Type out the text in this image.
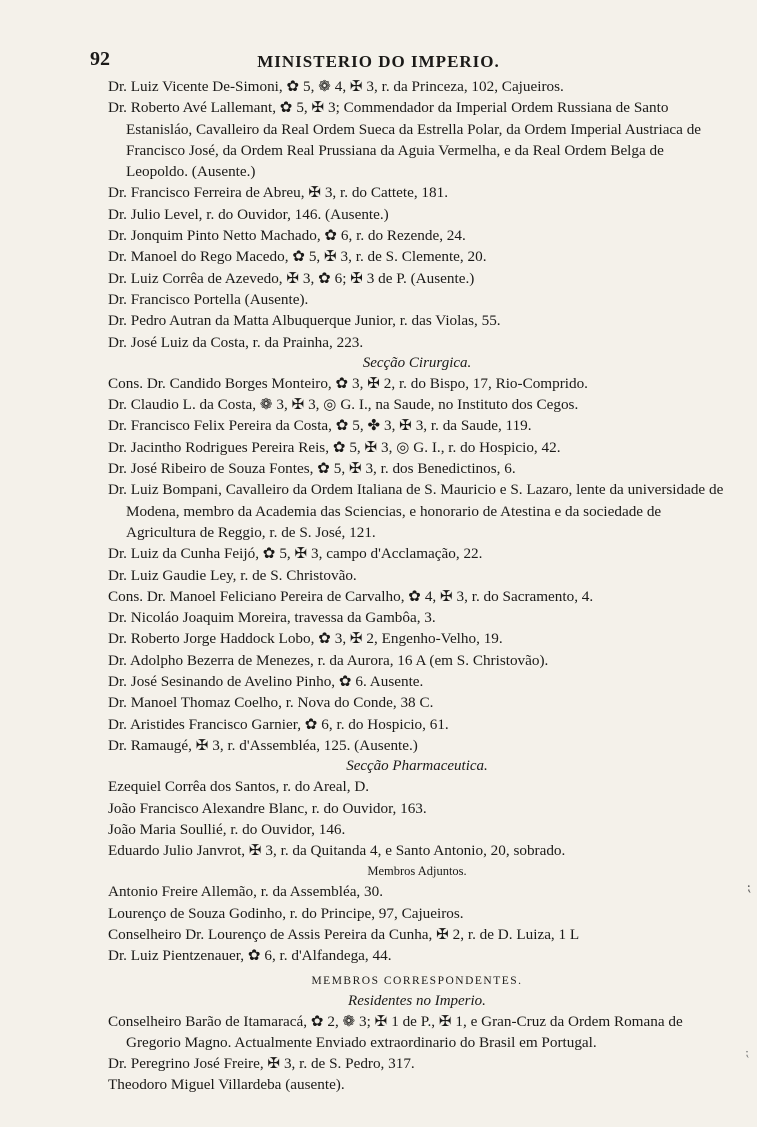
92	MINISTERIO DO IMPERIO.

Dr. Luiz Vicente De-Simoni, ✿ 5, ❁ 4, ✠ 3, r. da Princeza, 102, Cajueiros.

Dr. Roberto Avé Lallemant, ✿ 5, ✠ 3; Commendador da Imperial Ordem Russiana de Santo Estanisláo, Cavalleiro da Real Ordem Sueca da Estrella Polar, da Ordem Imperial Austriaca de Francisco José, da Ordem Real Prussiana da Aguia Vermelha, e da Real Ordem Belga de Leopoldo. (Ausente.)

Dr. Francisco Ferreira de Abreu, ✠ 3, r. do Cattete, 181.

Dr. Julio Level, r. do Ouvidor, 146. (Ausente.)

Dr. Jonquim Pinto Netto Machado, ✿ 6, r. do Rezende, 24.

Dr. Manoel do Rego Macedo, ✿ 5, ✠ 3, r. de S. Clemente, 20.

Dr. Luiz Corrêa de Azevedo, ✠ 3, ✿ 6; ✠ 3 de P. (Ausente.)

Dr. Francisco Portella (Ausente).

Dr. Pedro Autran da Matta Albuquerque Junior, r. das Violas, 55.

Dr. José Luiz da Costa, r. da Prainha, 223.

Secção Cirurgica.

Cons. Dr. Candido Borges Monteiro, ✿ 3, ✠ 2, r. do Bispo, 17, Rio-Comprido.

Dr. Claudio L. da Costa, ❁ 3, ✠ 3, ◎ G. I., na Saude, no Instituto dos Cegos.

Dr. Francisco Felix Pereira da Costa, ✿ 5, ✤ 3, ✠ 3, r. da Saude, 119.

Dr. Jacintho Rodrigues Pereira Reis, ✿ 5, ✠ 3, ◎ G. I., r. do Hospicio, 42.

Dr. José Ribeiro de Souza Fontes, ✿ 5, ✠ 3, r. dos Benedictinos, 6.

Dr. Luiz Bompani, Cavalleiro da Ordem Italiana de S. Mauricio e S. Lazaro, lente da universidade de Modena, membro da Academia das Sciencias, e honorario de Atestina e da sociedade de Agricultura de Reggio, r. de S. José, 121.

Dr. Luiz da Cunha Feijó, ✿ 5, ✠ 3, campo d'Acclamação, 22.

Dr. Luiz Gaudie Ley, r. de S. Christovão.

Cons. Dr. Manoel Feliciano Pereira de Carvalho, ✿ 4, ✠ 3, r. do Sacramento, 4.

Dr. Nicoláo Joaquim Moreira, travessa da Gambôa, 3.

Dr. Roberto Jorge Haddock Lobo, ✿ 3, ✠ 2, Engenho-Velho, 19.

Dr. Adolpho Bezerra de Menezes, r. da Aurora, 16 A (em S. Christovão).

Dr. José Sesinando de Avelino Pinho, ✿ 6. Ausente.

Dr. Manoel Thomaz Coelho, r. Nova do Conde, 38 C.

Dr. Aristides Francisco Garnier, ✿ 6, r. do Hospicio, 61.

Dr. Ramaugé, ✠ 3, r. d'Assembléa, 125. (Ausente.)

Secção Pharmaceutica.

Ezequiel Corrêa dos Santos, r. do Areal, D.

João Francisco Alexandre Blanc, r. do Ouvidor, 163.

João Maria Soullié, r. do Ouvidor, 146.

Eduardo Julio Janvrot, ✠ 3, r. da Quitanda 4, e Santo Antonio, 20, sobrado.

Membros Adjuntos.

Antonio Freire Allemão, r. da Assembléa, 30.

Lourenço de Souza Godinho, r. do Principe, 97, Cajueiros.

Conselheiro Dr. Lourenço de Assis Pereira da Cunha, ✠ 2, r. de D. Luiza, 1 L

Dr. Luiz Pientzenauer, ✿ 6, r. d'Alfandega, 44.

MEMBROS CORRESPONDENTES.

Residentes no Imperio.

Conselheiro Barão de Itamaracá, ✿ 2, ❁ 3; ✠ 1 de P., ✠ 1, e Gran-Cruz da Ordem Romana de Gregorio Magno. Actualmente Enviado extraordinario do Brasil em Portugal.

Dr. Peregrino José Freire, ✠ 3, r. de S. Pedro, 317.

Theodoro Miguel Villardeba (ausente).

⁏
⁏
